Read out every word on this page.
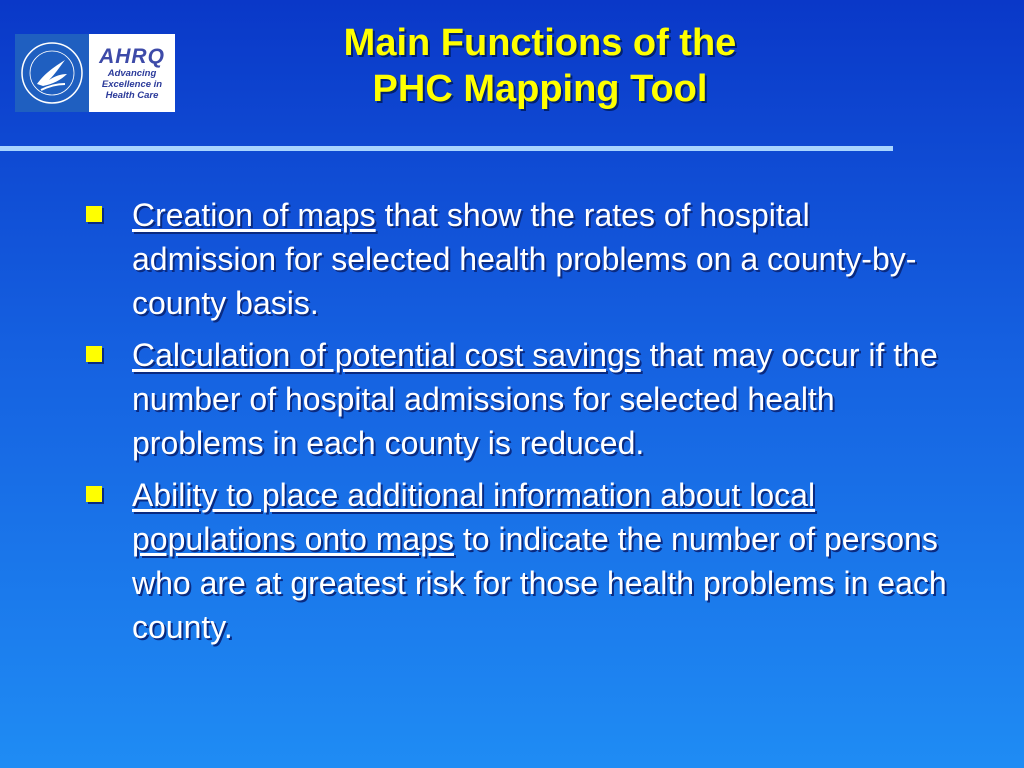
AHRQ
Advancing
Excellence in
Health Care
Main Functions of the
PHC Mapping Tool
Creation of maps that show the rates of hospital admission for selected health problems on a county-by-county basis.
Calculation of potential cost savings that may occur if the number of hospital admissions for selected health problems in each county is reduced.
Ability to place additional information about local populations onto maps to indicate the number of persons who are at greatest risk for those health problems in each county.
